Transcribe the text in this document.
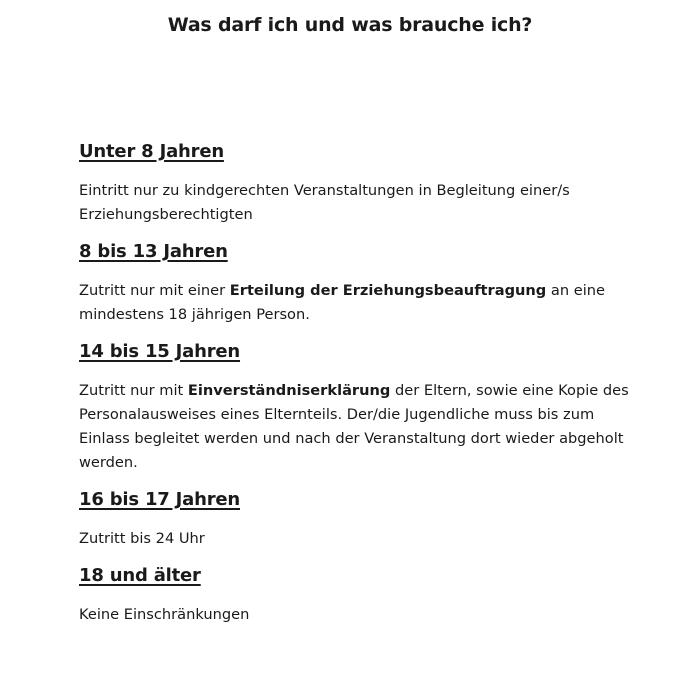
Was darf ich und was brauche ich?
Unter 8 Jahren

Eintritt nur zu kindgerechten Veranstaltungen in Begleitung einer/s Erziehungsberechtigten

8 bis 13 Jahren

Zutritt nur mit einer Erteilung der Erziehungsbeauftragung an eine mindestens 18 jährigen Person.

14 bis 15 Jahren

Zutritt nur mit Einverständniserklärung der Eltern, sowie eine Kopie des Personalausweises eines Elternteils. Der/die Jugendliche muss bis zum Einlass begleitet werden und nach der Veranstaltung dort wieder abgeholt werden.

16 bis 17 Jahren

Zutritt bis 24 Uhr

18 und älter

Keine Einschränkungen
